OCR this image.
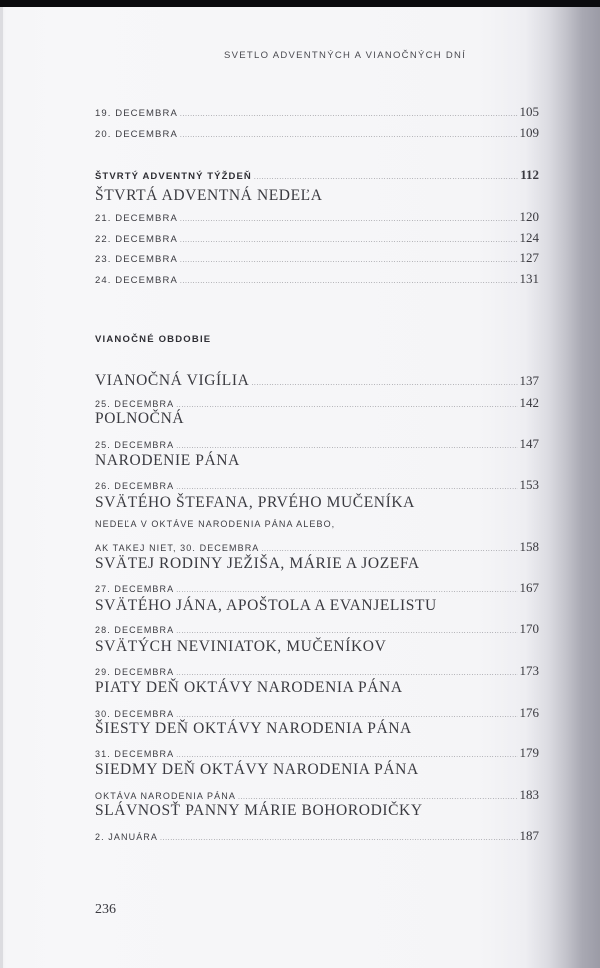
SVETLO ADVENTNÝCH A VIANOČNÝCH DNÍ
19. DECEMBRA .....	105
20. DECEMBRA .....	109
ŠTVRTÝ ADVENTNÝ TÝŽDEŇ .....	112
ŠTVRTÁ ADVENTNÁ NEDEĽA
21. DECEMBRA .....	120
22. DECEMBRA .....	124
23. DECEMBRA .....	127
24. DECEMBRA .....	131
VIANOČNÉ OBDOBIE
VIANOČNÁ VIGÍLIA .....	137
25. DECEMBRA .....	142
POLNOČNÁ
25. DECEMBRA .....	147
NARODENIE PÁNA
26. DECEMBRA .....	153
SVÄTÉHO ŠTEFANA, PRVÉHO MUČENÍKA
NEDEĽA V OKTÁVE NARODENIA PÁNA ALEBO,
AK TAKEJ NIET, 30. DECEMBRA .....	158
SVÄTEJ RODINY JEŽIŠA, MÁRIE A JOZEFA
27. DECEMBRA .....	167
SVÄTÉHO JÁNA, APOŠTOLA A EVANJELISTU
28. DECEMBRA .....	170
SVÄTÝCH NEVINIATOK, MUČENÍKOV
29. DECEMBRA .....	173
PIATY DEŇ OKTÁVY NARODENIA PÁNA
30. DECEMBRA .....	176
ŠIESTY DEŇ OKTÁVY NARODENIA PÁNA
31. DECEMBRA .....	179
SIEDMY DEŇ OKTÁVY NARODENIA PÁNA
OKTÁVA NARODENIA PÁNA .....	183
SLÁVNOSŤ PANNY MÁRIE BOHORODIČKY
2. JANUÁRA .....	187
236
